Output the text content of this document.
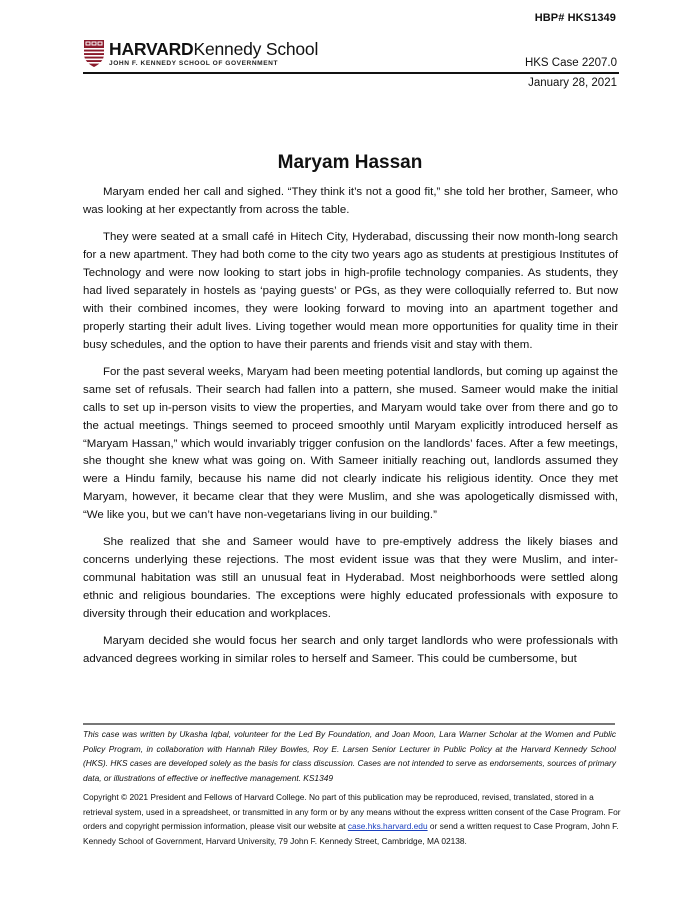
HBP# HKS1349
HARVARDKennedy School
JOHN F. KENNEDY SCHOOL OF GOVERNMENT	HKS Case 2207.0
January 28, 2021
Maryam Hassan

Maryam ended her call and sighed. “They think it’s not a good fit,” she told her brother, Sameer, who was looking at her expectantly from across the table.

They were seated at a small café in Hitech City, Hyderabad, discussing their now month-long search for a new apartment. They had both come to the city two years ago as students at prestigious Institutes of Technology and were now looking to start jobs in high-profile technology companies. As students, they had lived separately in hostels as ‘paying guests’ or PGs, as they were colloquially referred to. But now with their combined incomes, they were looking forward to moving into an apartment together and properly starting their adult lives. Living together would mean more opportunities for quality time in their busy schedules, and the option to have their parents and friends visit and stay with them.

For the past several weeks, Maryam had been meeting potential landlords, but coming up against the same set of refusals. Their search had fallen into a pattern, she mused. Sameer would make the initial calls to set up in-person visits to view the properties, and Maryam would take over from there and go to the actual meetings. Things seemed to proceed smoothly until Maryam explicitly introduced herself as “Maryam Hassan,” which would invariably trigger confusion on the landlords’ faces. After a few meetings, she thought she knew what was going on. With Sameer initially reaching out, landlords assumed they were a Hindu family, because his name did not clearly indicate his religious identity. Once they met Maryam, however, it became clear that they were Muslim, and she was apologetically dismissed with, “We like you, but we can’t have non-vegetarians living in our building.”

She realized that she and Sameer would have to pre-emptively address the likely biases and concerns underlying these rejections. The most evident issue was that they were Muslim, and inter-communal habitation was still an unusual feat in Hyderabad. Most neighborhoods were settled along ethnic and religious boundaries. The exceptions were highly educated professionals with exposure to diversity through their education and workplaces.

Maryam decided she would focus her search and only target landlords who were professionals with advanced degrees working in similar roles to herself and Sameer. This could be cumbersome, but

This case was written by Ukasha Iqbal, volunteer for the Led By Foundation, and Joan Moon, Lara Warner Scholar at the Women and Public Policy Program, in collaboration with Hannah Riley Bowles, Roy E. Larsen Senior Lecturer in Public Policy at the Harvard Kennedy School (HKS). HKS cases are developed solely as the basis for class discussion. Cases are not intended to serve as endorsements, sources of primary data, or illustrations of effective or ineffective management. KS1349
Copyright © 2021 President and Fellows of Harvard College. No part of this publication may be reproduced, revised, translated, stored in a retrieval system, used in a spreadsheet, or transmitted in any form or by any means without the express written consent of the Case Program. For orders and copyright permission information, please visit our website at case.hks.harvard.edu or send a written request to Case Program, John F. Kennedy School of Government, Harvard University, 79 John F. Kennedy Street, Cambridge, MA 02138.
